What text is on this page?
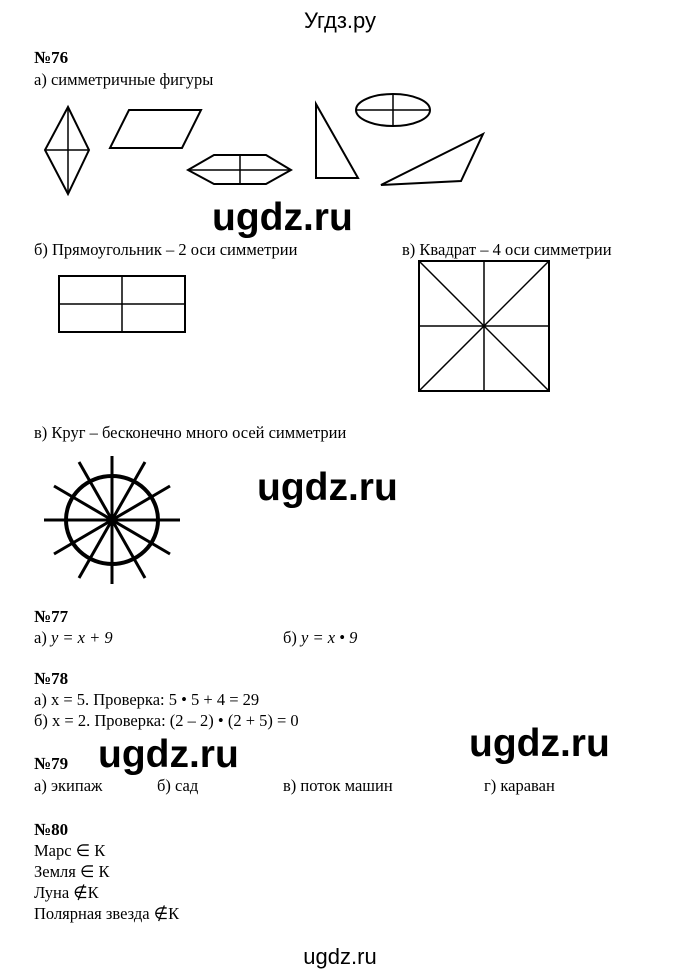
Угдз.ру
№76
а) симметричные фигуры
б) Прямоугольник – 2 оси симметрии	в) Квадрат – 4 оси симметрии
в) Круг – бесконечно много осей симметрии
ugdz.ru
ugdz.ru
ugdz.ru	ugdz.ru
№77
а) y = x + 9	б) y = x • 9
№78
а) x = 5. Проверка: 5 • 5 + 4 = 29
б) x = 2. Проверка: (2 – 2) • (2 + 5) = 0
№79
а) экипаж	б) сад	в) поток машин	г) караван
№80
Марс ∈ К
Земля ∈ К
Луна ∉К
Полярная звезда ∉К
ugdz.ru
